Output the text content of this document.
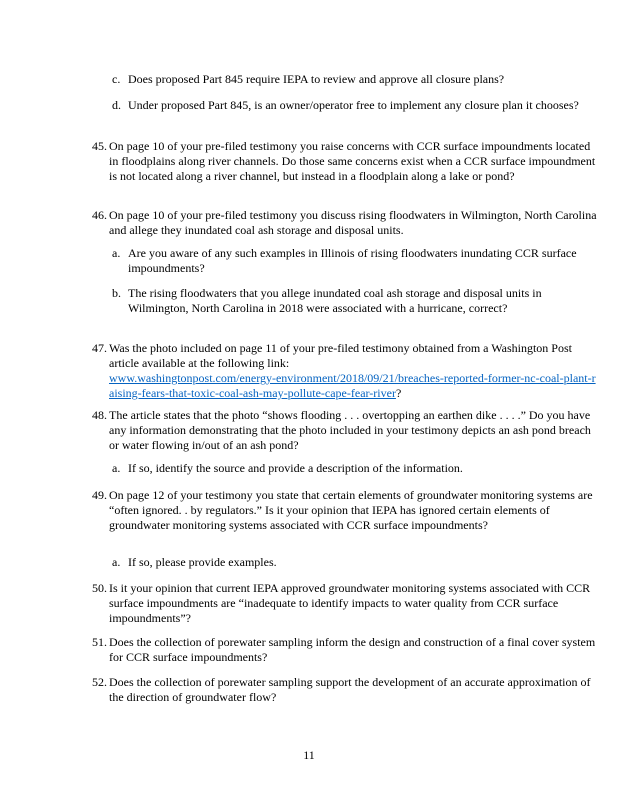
c. Does proposed Part 845 require IEPA to review and approve all closure plans?
d. Under proposed Part 845, is an owner/operator free to implement any closure plan it chooses?
45. On page 10 of your pre-filed testimony you raise concerns with CCR surface impoundments located in floodplains along river channels. Do those same concerns exist when a CCR surface impoundment is not located along a river channel, but instead in a floodplain along a lake or pond?
46. On page 10 of your pre-filed testimony you discuss rising floodwaters in Wilmington, North Carolina and allege they inundated coal ash storage and disposal units.
a. Are you aware of any such examples in Illinois of rising floodwaters inundating CCR surface impoundments?
b. The rising floodwaters that you allege inundated coal ash storage and disposal units in Wilmington, North Carolina in 2018 were associated with a hurricane, correct?
47. Was the photo included on page 11 of your pre-filed testimony obtained from a Washington Post article available at the following link:
www.washingtonpost.com/energy-environment/2018/09/21/breaches-reported-former-nc-coal-plant-raising-fears-that-toxic-coal-ash-may-pollute-cape-fear-river?
48. The article states that the photo “shows flooding . . . overtopping an earthen dike . . . .” Do you have any information demonstrating that the photo included in your testimony depicts an ash pond breach or water flowing in/out of an ash pond?
a. If so, identify the source and provide a description of the information.
49. On page 12 of your testimony you state that certain elements of groundwater monitoring systems are “often ignored. . by regulators.” Is it your opinion that IEPA has ignored certain elements of groundwater monitoring systems associated with CCR surface impoundments?
a. If so, please provide examples.
50. Is it your opinion that current IEPA approved groundwater monitoring systems associated with CCR surface impoundments are “inadequate to identify impacts to water quality from CCR surface impoundments”?
51. Does the collection of porewater sampling inform the design and construction of a final cover system for CCR surface impoundments?
52. Does the collection of porewater sampling support the development of an accurate approximation of the direction of groundwater flow?
11
